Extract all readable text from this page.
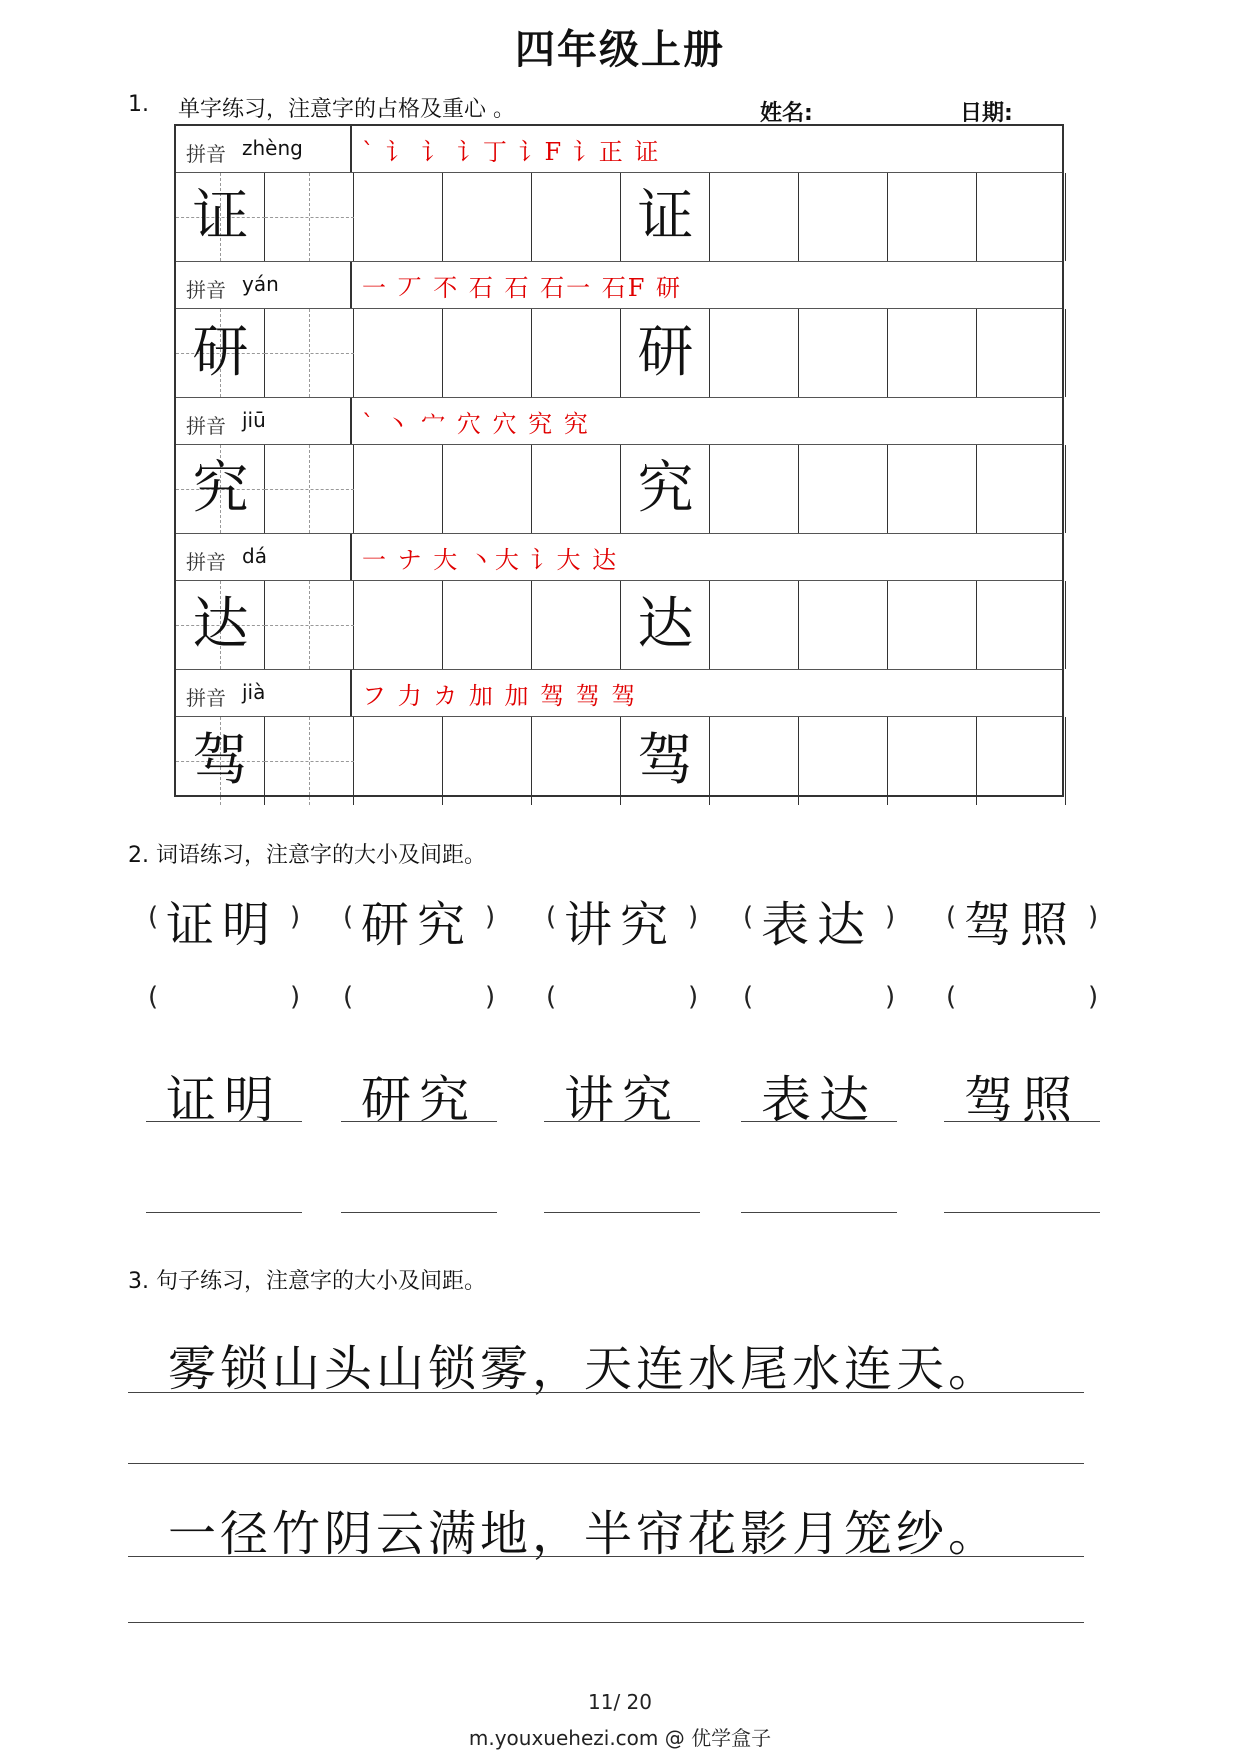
四年级上册
1. 单字练习，注意字的占格及重心 。	姓名:	日期:
拼音 zhèng ` 讠 讠 讠丁 讠F 讠正 证
证	证
拼音 yán	一 丆 不 石 石 石一 石F 研
研	研
拼音 jiū	` 丶 宀 穴 穴 究 究
究	究
拼音 dá	一 ナ 大 丶大 讠大 达
达	达
拼音 jià	フ 力 カ 加 加 驾 驾 驾
驾	驾
2. 词语练习，注意字的大小及间距。
( 证明 )
(	)
证明
( 研究 )
(	)
研究
( 讲究 )
(	)
讲究
( 表达 )
(	)
表达
( 驾照 )
(	)
驾照
3. 句子练习，注意字的大小及间距。
雾锁山头山锁雾，天连水尾水连天。
一径竹阴云满地，半帘花影月笼纱。
11/ 20
m.youxuehezi.com @ 优学盒子
